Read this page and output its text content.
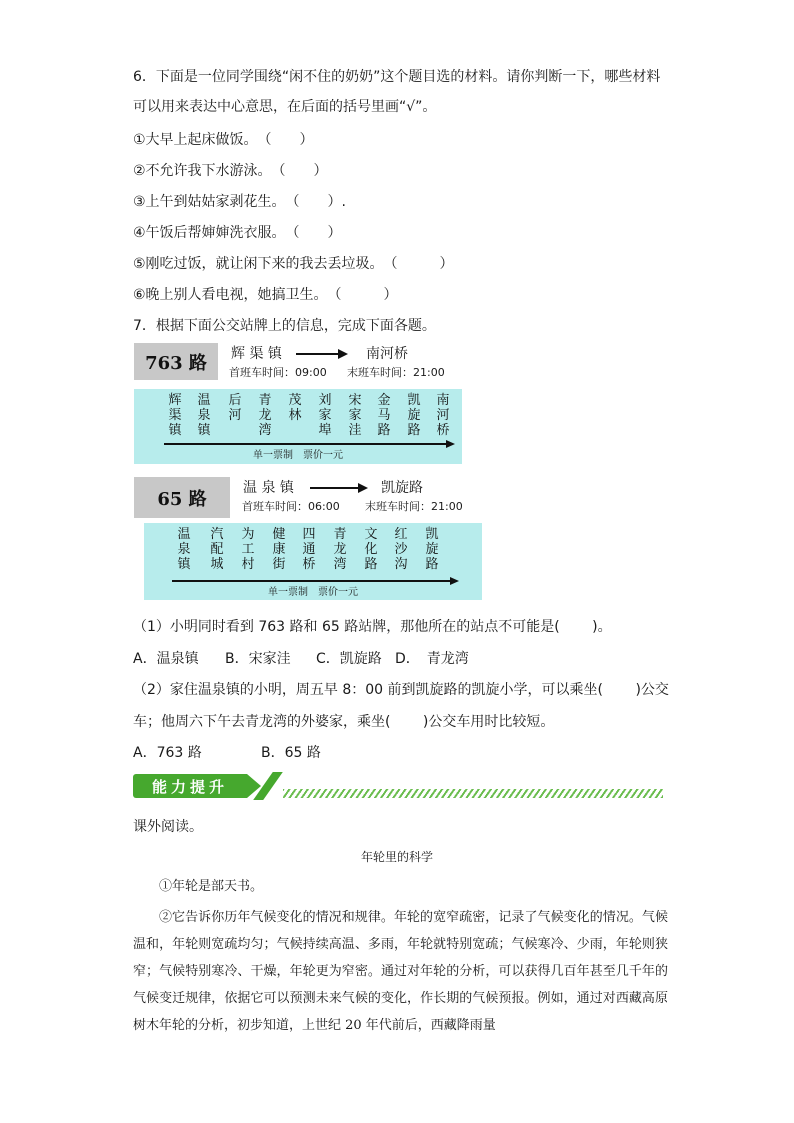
6．下面是一位同学围绕“闲不住的奶奶”这个题目选的材料。请你判断一下，哪些材料
可以用来表达中心意思，在后面的括号里画“√”。
①大早上起床做饭。　（　　）
②不允许我下水游泳。　（　　）
③上午到姑姑家剥花生。　（　　）.
④午饭后帮婶婶洗衣服。　（　　）
⑤刚吃过饭，就让闲下来的我去丢垃圾。　（　　　）
⑥晚上别人看电视，她搞卫生。　（　　　）
7．根据下面公交站牌上的信息，完成下面各题。
763 路	辉 渠 镇	南河桥
首班车时间：09:00 末班车时间：21:00
辉渠镇
温泉镇
后河
青龙湾
茂林
刘家埠
宋家洼
金马路
凯旋路
南河桥
单一票制　票价一元
65 路
温 泉 镇	凯旋路
首班车时间：06:00 末班车时间：21:00
温泉镇
汽配城
为工村
健康街
四通桥
青龙湾
文化路
红沙沟
凯旋路
单一票制　票价一元
（1）小明同时看到 763 路和 65 路站牌，那他所在的站点不可能是(　　 )。
A．温泉镇 B．宋家洼 C．凯旋路 D．　青龙湾
（2）家住温泉镇的小明，周五早 8：00 前到凯旋路的凯旋小学，可以乘坐(　　 )公交
车；他周六下午去青龙湾的外婆家，乘坐(　　 )公交车用时比较短。
A．763 路	B．65 路
能力提升
课外阅读。
年轮里的科学
①年轮是部天书。
②它告诉你历年气候变化的情况和规律。年轮的宽窄疏密，记录了气候变化的情况。气候温和，年轮则宽疏均匀；气候持续高温、多雨，年轮就特别宽疏；气候寒冷、少雨，年轮则狭窄；气候特别寒冷、干燥，年轮更为窄密。通过对年轮的分析，可以获得几百年甚至几千年的气候变迁规律，依据它可以预测未来气候的变化，作长期的气候预报。例如，通过对西藏高原树木年轮的分析，初步知道，上世纪 20 年代前后，西藏降雨量
